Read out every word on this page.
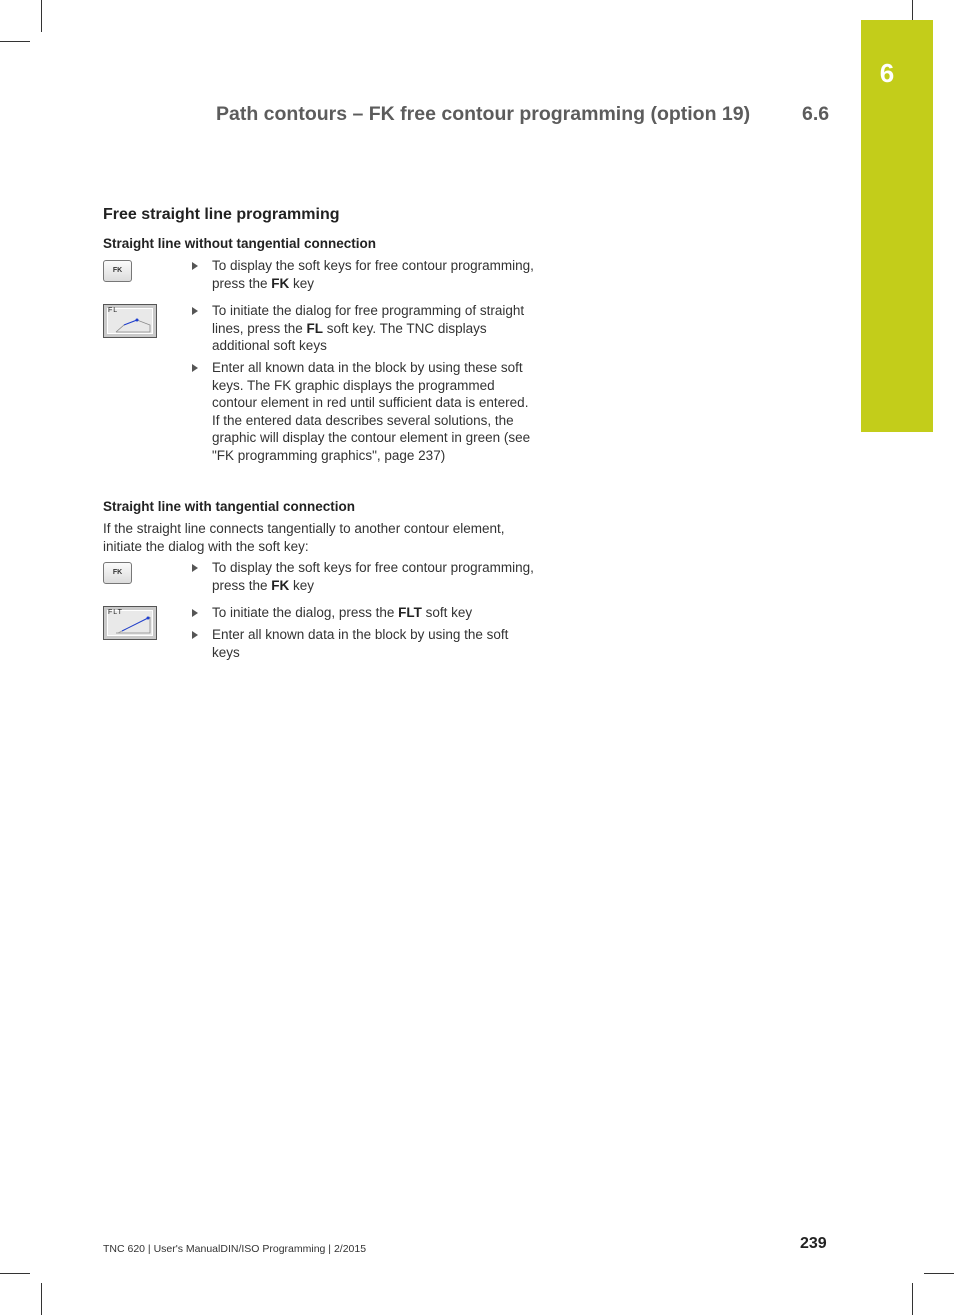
6
Path contours – FK free contour programming (option 19)	6.6
Free straight line programming
Straight line without tangential connection
FK	To display the soft keys for free contour programming, press the FK key
FL	To initiate the dialog for free programming of straight lines, press the FL soft key. The TNC displays additional soft keys
Enter all known data in the block by using these soft keys. The FK graphic displays the programmed contour element in red until sufficient data is entered. If the entered data describes several solutions, the graphic will display the contour element in green (see "FK programming graphics", page 237)
Straight line with tangential connection
If the straight line connects tangentially to another contour element, initiate the dialog with the soft key:
FK	To display the soft keys for free contour programming, press the FK key
FLT	To initiate the dialog, press the FLT soft key
Enter all known data in the block by using the soft keys
TNC 620 | User's ManualDIN/ISO Programming | 2/2015	239
